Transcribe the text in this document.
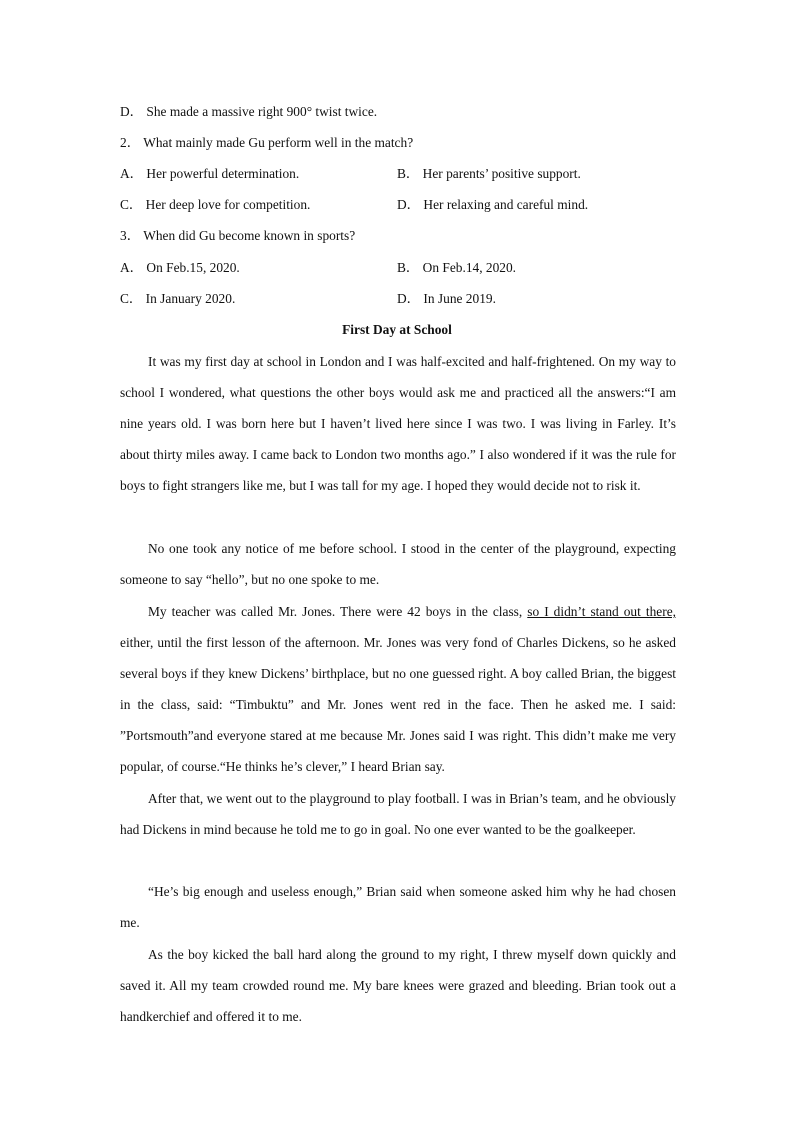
D． She made a massive right 900° twist twice.
2． What mainly made Gu perform well in the match?
A． Her powerful determination.	B． Her parents’ positive support.
C． Her deep love for competition.	D． Her relaxing and careful mind.
3． When did Gu become known in sports?
A． On Feb.15, 2020.	B． On Feb.14, 2020.
C． In January 2020.	D． In June 2019.
First Day at School

It was my first day at school in London and I was half-excited and half-frightened. On my way to school I wondered, what questions the other boys would ask me and practiced all the answers:“I am nine years old. I was born here but I haven’t lived here since I was two. I was living in Farley. It’s about thirty miles away. I came back to London two months ago.” I also wondered if it was the rule for boys to fight strangers like me, but I was tall for my age. I hoped they would decide not to risk it.

No one took any notice of me before school. I stood in the center of the playground, expecting someone to say “hello”, but no one spoke to me.

My teacher was called Mr. Jones. There were 42 boys in the class, so I didn’t stand out there, either, until the first lesson of the afternoon. Mr. Jones was very fond of Charles Dickens, so he asked several boys if they knew Dickens’ birthplace, but no one guessed right. A boy called Brian, the biggest in the class, said: “Timbuktu” and Mr. Jones went red in the face. Then he asked me. I said: ”Portsmouth”and everyone stared at me because Mr. Jones said I was right. This didn’t make me very popular, of course.“He thinks he’s clever,” I heard Brian say.

After that, we went out to the playground to play football. I was in Brian’s team, and he obviously had Dickens in mind because he told me to go in goal. No one ever wanted to be the goalkeeper.

“He’s big enough and useless enough,” Brian said when someone asked him why he had chosen me.

As the boy kicked the ball hard along the ground to my right, I threw myself down quickly and saved it. All my team crowded round me. My bare knees were grazed and bleeding. Brian took out a handkerchief and offered it to me.
